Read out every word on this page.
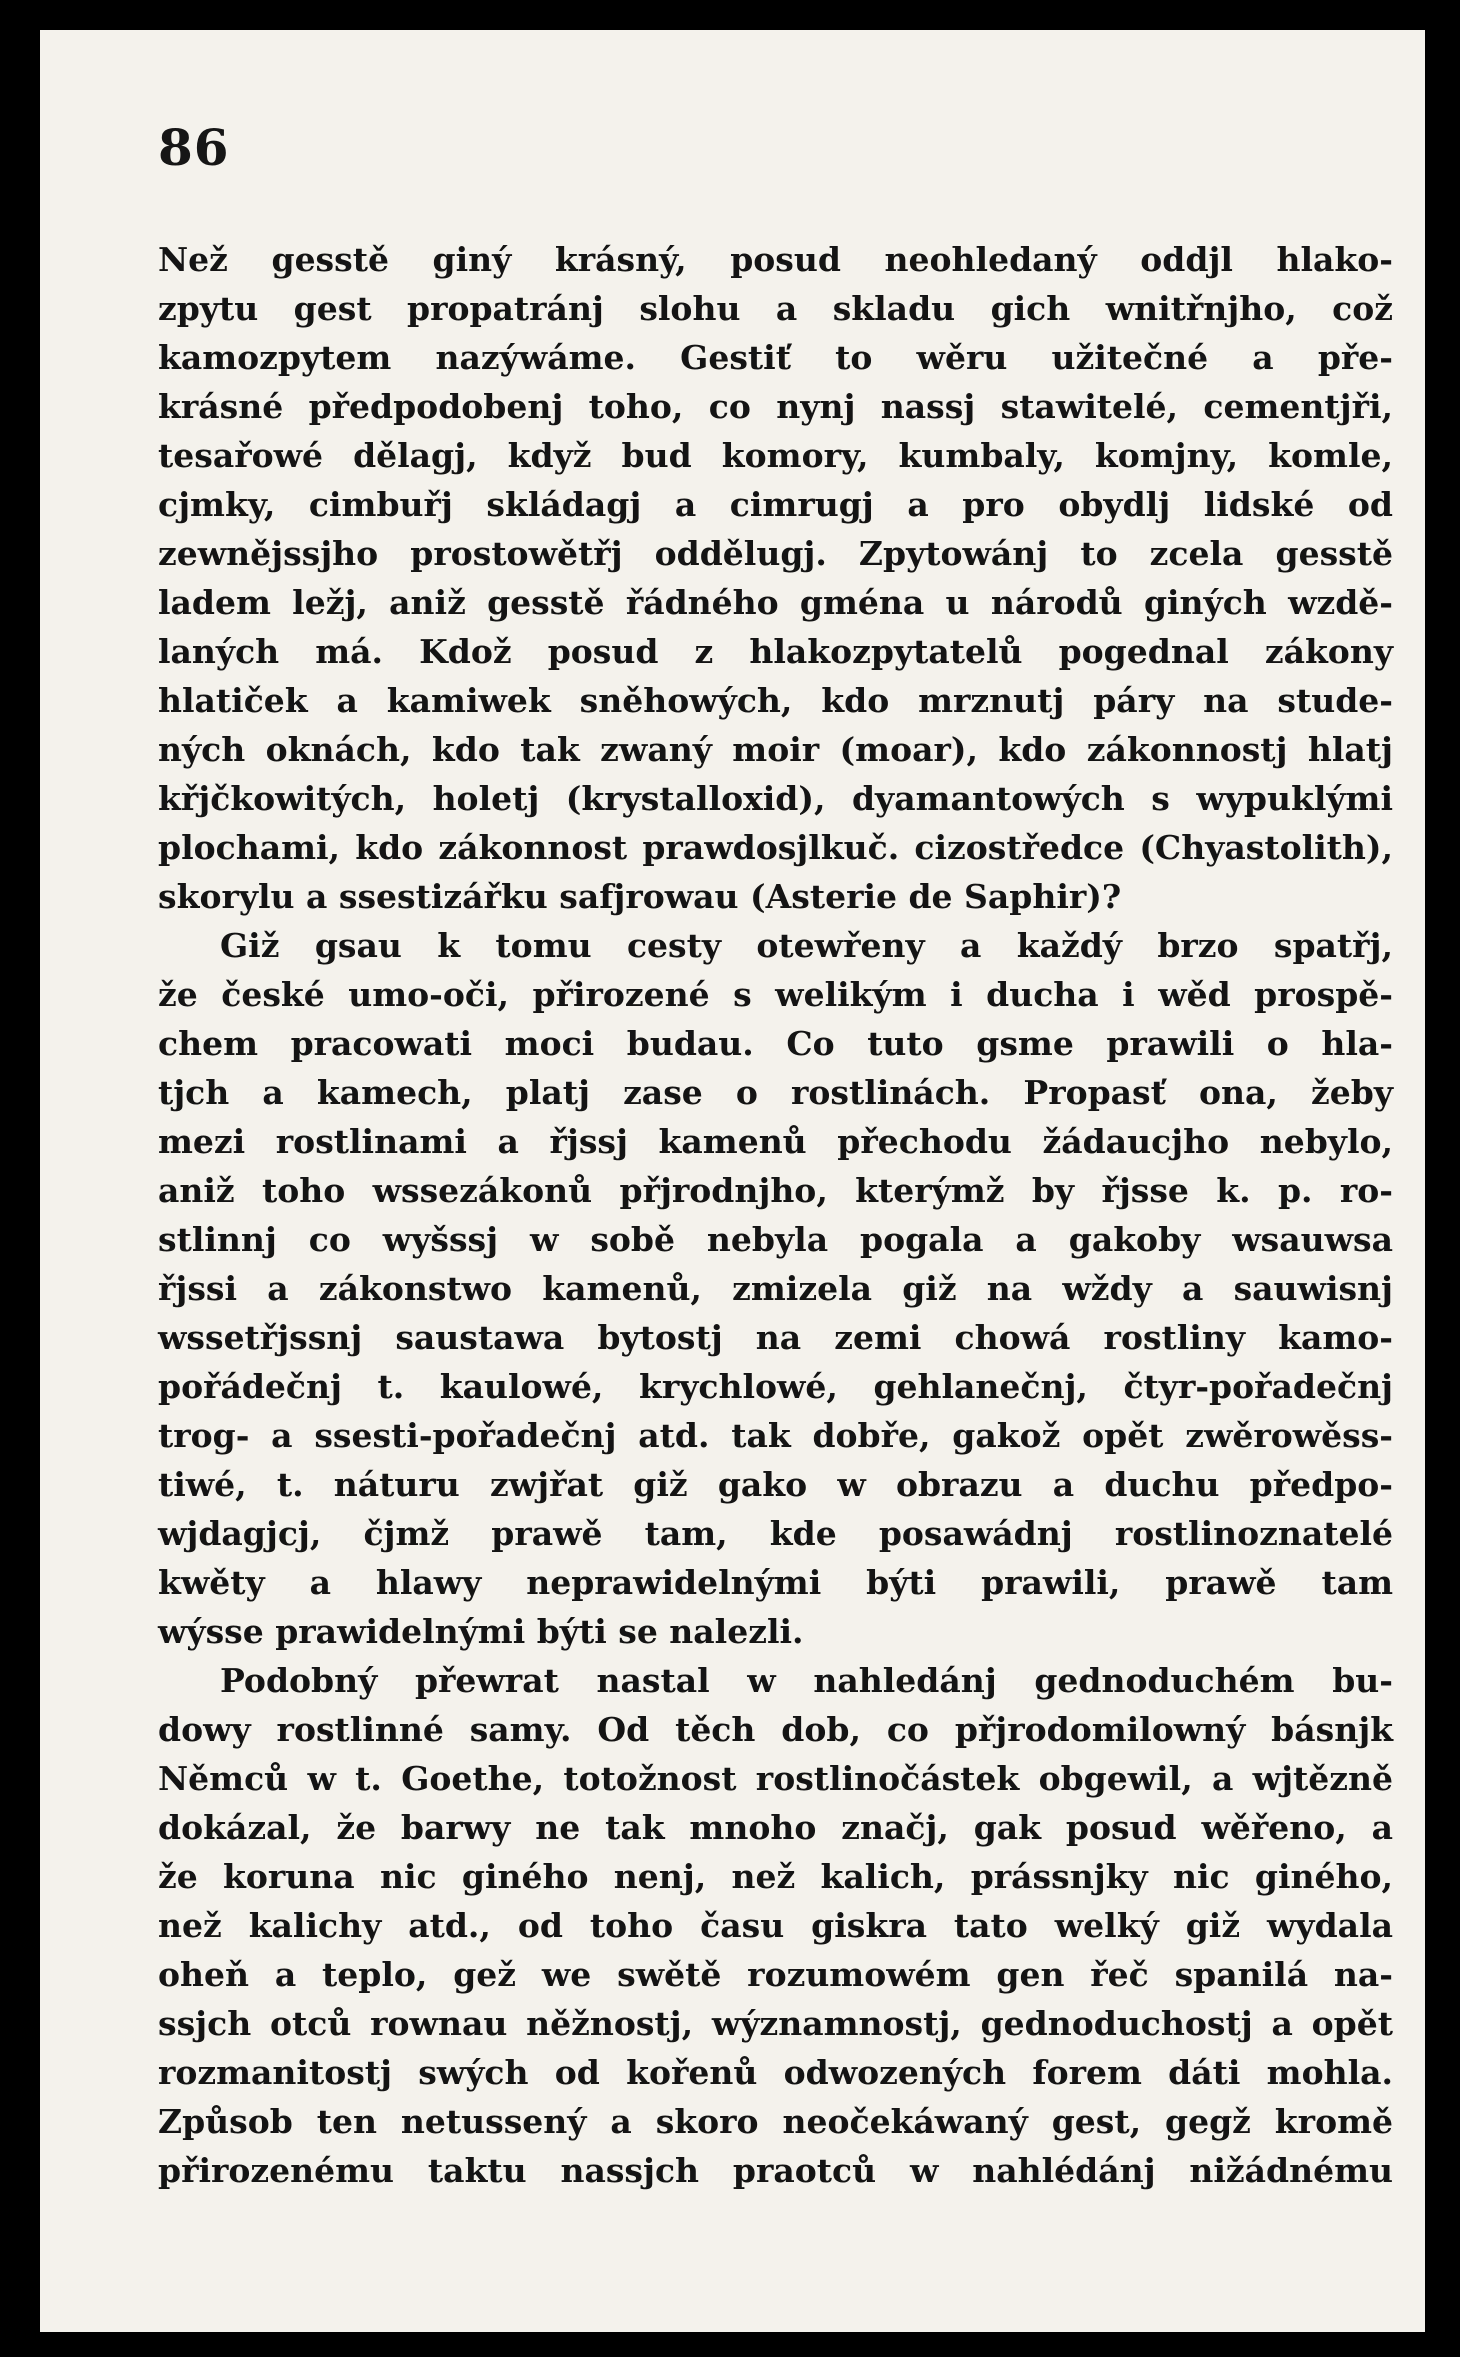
86
Než gesstě giný krásný, posud neohledaný oddjl hlako-
zpytu gest propatránj slohu a skladu gich wnitřnjho, což
kamozpytem nazýwáme. Gestiť to wěru užitečné a pře-
krásné předpodobenj toho, co nynj nassj stawitelé, cementjři,
tesařowé dělagj, když bud komory, kumbaly, komjny, komle,
cjmky, cimbuřj skládagj a cimrugj a pro obydlj lidské od
zewnějssjho prostowětřj oddělugj. Zpytowánj to zcela gesstě
ladem ležj, aniž gesstě řádného gména u národů giných wzdě-
laných má. Kdož posud z hlakozpytatelů pogednal zákony
hlatiček a kamiwek sněhowých, kdo mrznutj páry na stude-
ných oknách, kdo tak zwaný moir (moar), kdo zákonnostj hlatj
křjčkowitých, holetj (krystalloxid), dyamantowých s wypuklými
plochami, kdo zákonnost prawdosjlkuč. cizostředce (Chyastolith),
skorylu a ssestizářku safjrowau (Asterie de Saphir)?
Giž gsau k tomu cesty otewřeny a každý brzo spatřj,
že české umo-oči, přirozené s welikým i ducha i wěd prospě-
chem pracowati moci budau. Co tuto gsme prawili o hla-
tjch a kamech, platj zase o rostlinách. Propasť ona, žeby
mezi rostlinami a řjssj kamenů přechodu žádaucjho nebylo,
aniž toho wssezákonů přjrodnjho, kterýmž by řjsse k. p. ro-
stlinnj co wyšssj w sobě nebyla pogala a gakoby wsauwsa
řjssi a zákonstwo kamenů, zmizela giž na wždy a sauwisnj
wssetřjssnj saustawa bytostj na zemi chowá rostliny kamo-
pořádečnj t. kaulowé, krychlowé, gehlanečnj, čtyr-pořadečnj
trog- a ssesti-pořadečnj atd. tak dobře, gakož opět zwěrowěss-
tiwé, t. náturu zwjřat giž gako w obrazu a duchu předpo-
wjdagjcj, čjmž prawě tam, kde posawádnj rostlinoznatelé
kwěty a hlawy neprawidelnými býti prawili, prawě tam
wýsse prawidelnými býti se nalezli.
Podobný přewrat nastal w nahledánj gednoduchém bu-
dowy rostlinné samy. Od těch dob, co přjrodomilowný básnjk
Němců w t. Goethe, totožnost rostlinočástek obgewil, a wjtězně
dokázal, že barwy ne tak mnoho značj, gak posud wěřeno, a
že koruna nic giného nenj, než kalich, prássnjky nic giného,
než kalichy atd., od toho času giskra tato welký giž wydala
oheň a teplo, gež we swětě rozumowém gen řeč spanilá na-
ssjch otců rownau něžnostj, wýznamnostj, gednoduchostj a opět
rozmanitostj swých od kořenů odwozených forem dáti mohla.
Způsob ten netussený a skoro neočekáwaný gest, gegž kromě
přirozenému taktu nassjch praotců w nahlédánj nižádnému
